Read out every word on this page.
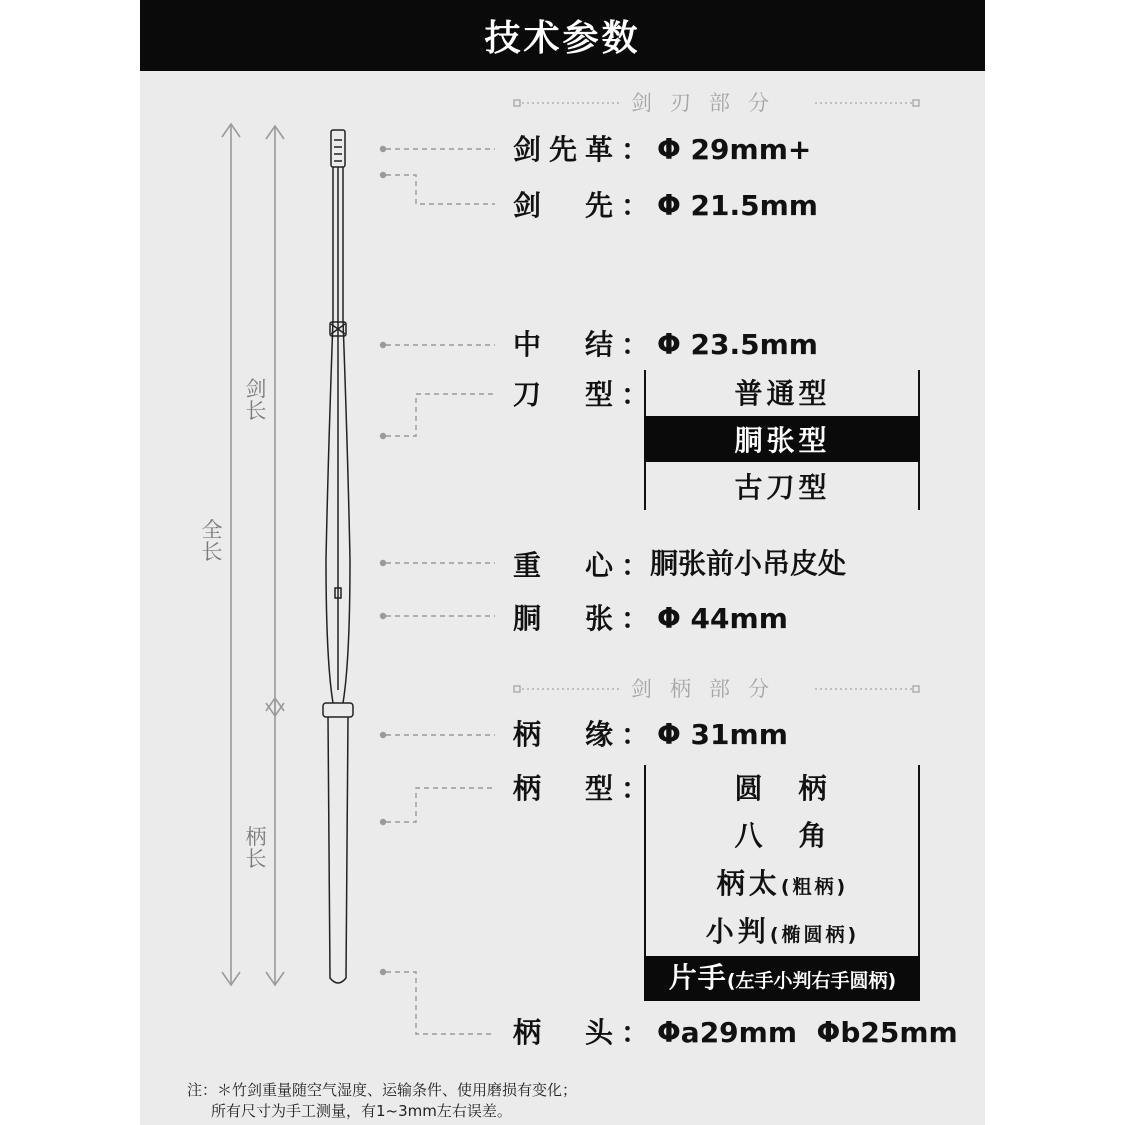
技术参数
剑长
全长
柄长
剑刃部分
剑柄部分
剑 先 革 ： Φ 29mm+
剑 先 ： Φ 21.5mm
中 结 ： Φ 23.5mm
刀 型 ：	普通型
胴张型
古刀型
重 心 ： 胴张前小吊皮处
胴 张 ： Φ 44mm
柄 缘 ： Φ 31mm
柄 型 ：	圆　柄
八　角
柄太(粗柄)
小判(椭圆柄)
片手(左手小判右手圆柄)
柄 头 ： Φa29mm  Φb25mm
注：＊竹剑重量随空气湿度、运输条件、使用磨损有变化；
所有尺寸为手工测量，有1~3mm左右误差。
